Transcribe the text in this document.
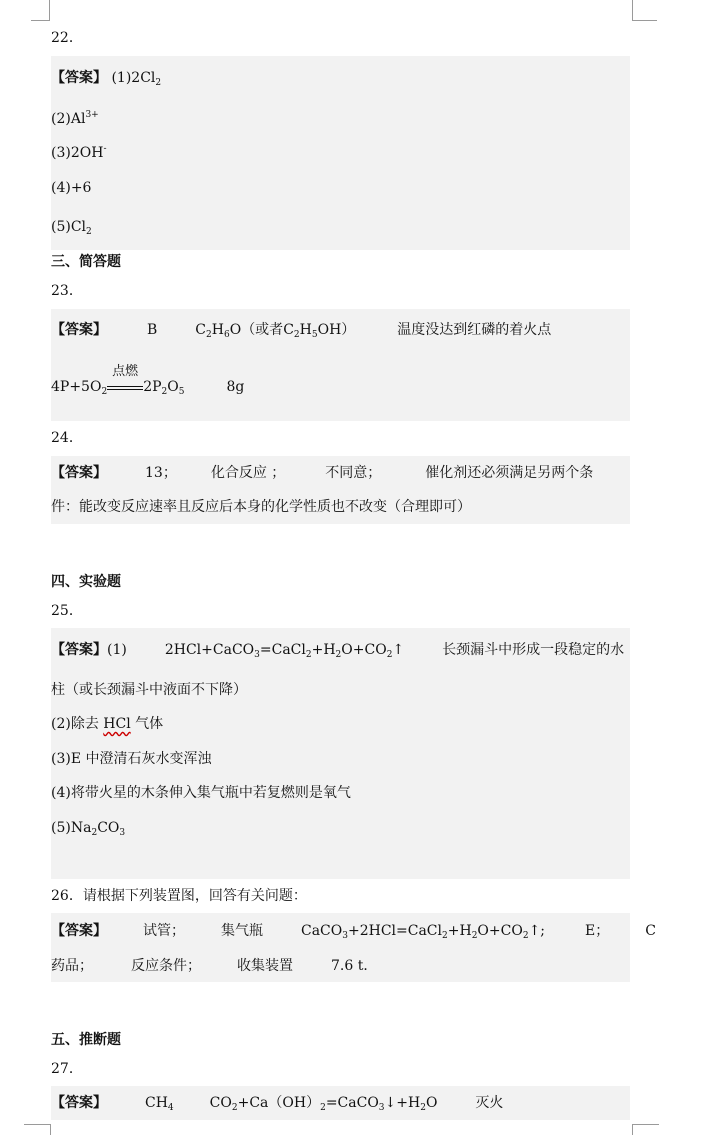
22．
【答案】 $(1)2Cl_2$
$(2)Al^{3+}$
(3)2OH-
(4)+6
$(5)Cl_2$
三、简答题
23．
【答案】	B	$C_2H_6O$（或者$C_2H_5OH$）	温度没达到红磷的着火点
$4P+5O_2$
点燃
$2P_2O_5$	8g
24．
【答案】	13； 化合反应 ；	不同意；	催化剂还必须满足另两个条
件：能改变反应速率且反应后本身的化学性质也不改变（合理即可）
四、实验题
25．
【答案】(1)	$2HCl+CaCO_3=CaCl_2+H_2O+CO_2↑$	长颈漏斗中形成一段稳定的水
柱（或长颈漏斗中液面不下降）
(2)除去 HCl 气体
(3)E 中澄清石灰水变浑浊
(4)将带火星的木条伸入集气瓶中若复燃则是氧气
$(5)Na_2CO_3$
26．请根据下列装置图，回答有关问题：
【答案】	试管；	集气瓶	$CaCO_3+2HCl=CaCl_2+H_2O+CO_2↑$;	E；	C
药品；	反应条件；	收集装置	7.6 t．
五、推断题
27．
【答案】	$CH_4$	$CO_2+Ca(OH)_2=CaCO_3↓+H_2O$	灭火
